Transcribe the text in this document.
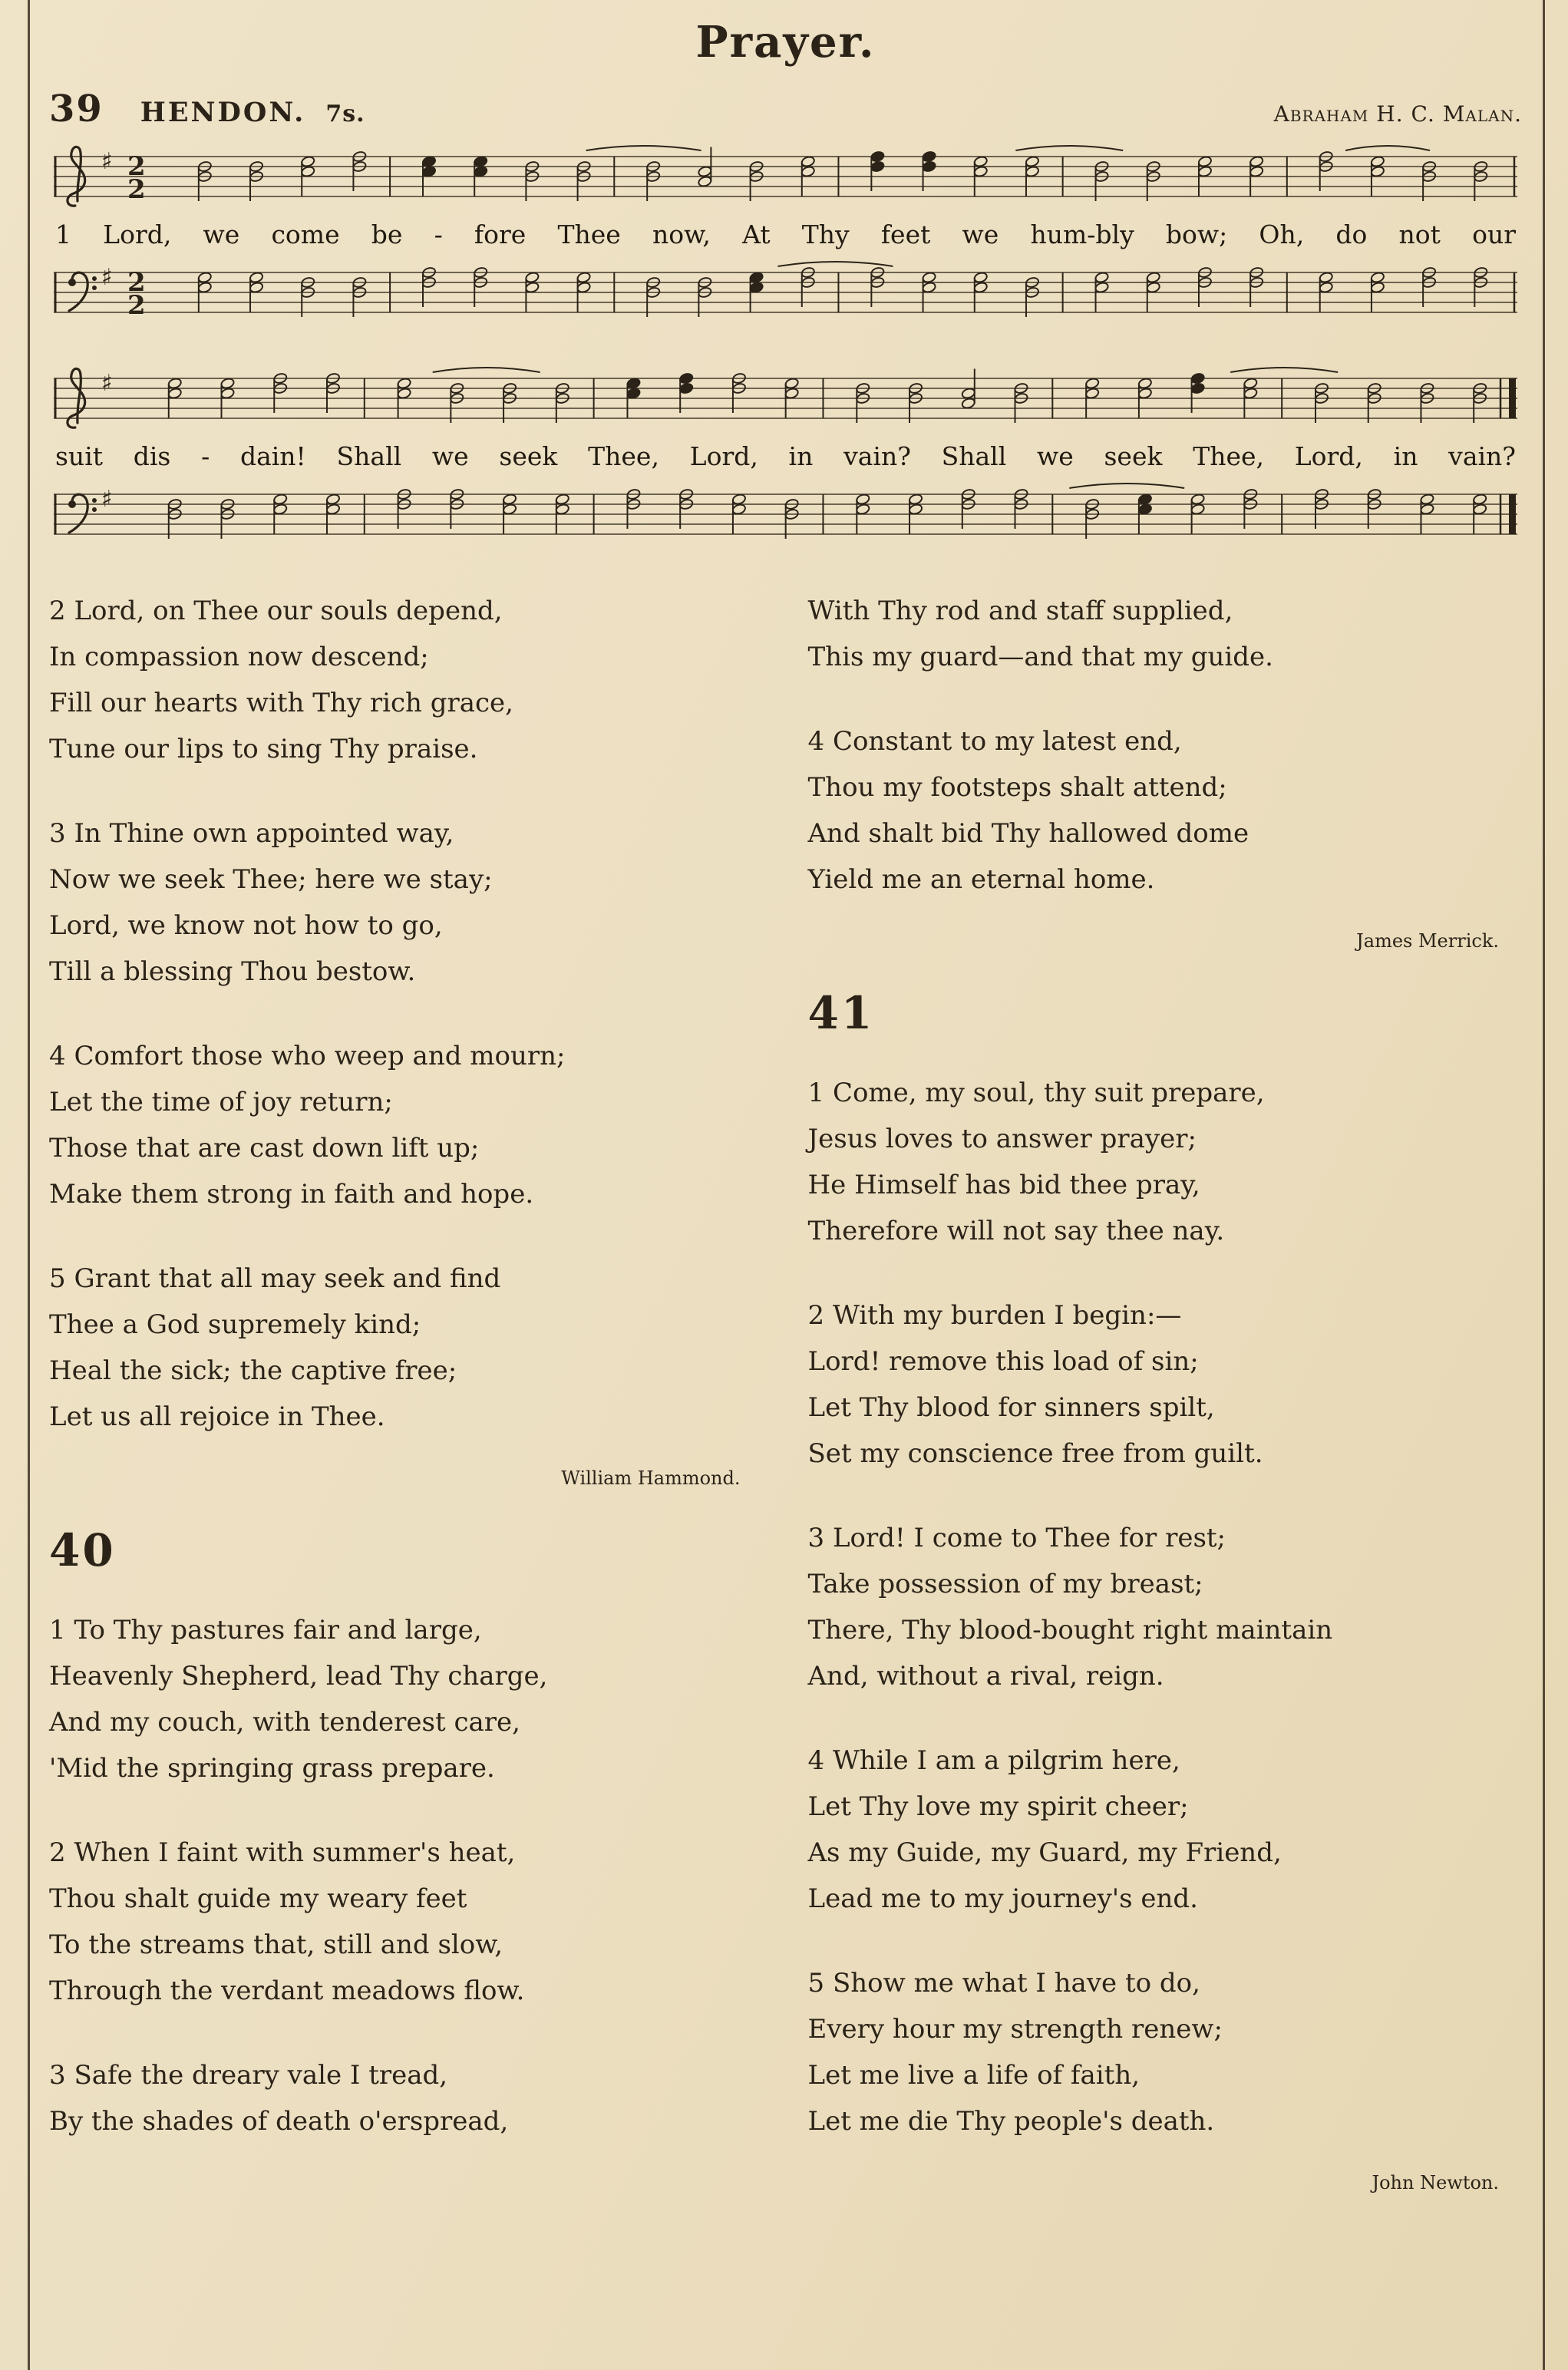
Prayer.
39 HENDON. 7s.	Abraham H. C. Malan.
♯ 2
2
1 Lord, we come be - fore Thee now, At Thy feet we hum-bly bow; Oh, do not our
♯ 2
2
♯
suit dis - dain! Shall we seek Thee, Lord, in vain? Shall we seek Thee, Lord, in vain?
♯
2 Lord, on Thee our souls depend,
In compassion now descend;
Fill our hearts with Thy rich grace,
Tune our lips to sing Thy praise.
3 In Thine own appointed way,
Now we seek Thee; here we stay;
Lord, we know not how to go,
Till a blessing Thou bestow.
4 Comfort those who weep and mourn;
Let the time of joy return;
Those that are cast down lift up;
Make them strong in faith and hope.
5 Grant that all may seek and find
Thee a God supremely kind;
Heal the sick; the captive free;
Let us all rejoice in Thee.
William Hammond.
40
1 To Thy pastures fair and large,
Heavenly Shepherd, lead Thy charge,
And my couch, with tenderest care,
'Mid the springing grass prepare.
2 When I faint with summer's heat,
Thou shalt guide my weary feet
To the streams that, still and slow,
Through the verdant meadows flow.
3 Safe the dreary vale I tread,
By the shades of death o'erspread,
With Thy rod and staff supplied,
This my guard—and that my guide.
4 Constant to my latest end,
Thou my footsteps shalt attend;
And shalt bid Thy hallowed dome
Yield me an eternal home.
James Merrick.
41
1 Come, my soul, thy suit prepare,
Jesus loves to answer prayer;
He Himself has bid thee pray,
Therefore will not say thee nay.
2 With my burden I begin:—
Lord! remove this load of sin;
Let Thy blood for sinners spilt,
Set my conscience free from guilt.
3 Lord! I come to Thee for rest;
Take possession of my breast;
There, Thy blood-bought right maintain
And, without a rival, reign.
4 While I am a pilgrim here,
Let Thy love my spirit cheer;
As my Guide, my Guard, my Friend,
Lead me to my journey's end.
5 Show me what I have to do,
Every hour my strength renew;
Let me live a life of faith,
Let me die Thy people's death.
John Newton.
